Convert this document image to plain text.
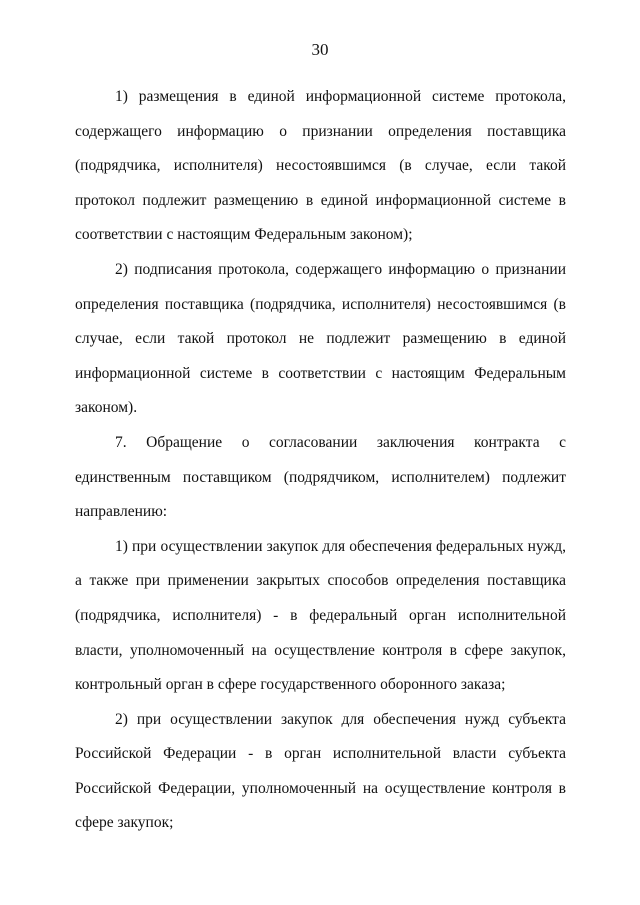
30

1) размещения в единой информационной системе протокола, содержащего информацию о признании определения поставщика (подрядчика, исполнителя) несостоявшимся (в случае, если такой протокол подлежит размещению в единой информационной системе в соответствии с настоящим Федеральным законом);

2) подписания протокола, содержащего информацию о признании определения поставщика (подрядчика, исполнителя) несостоявшимся (в случае, если такой протокол не подлежит размещению в единой информационной системе в соответствии с настоящим Федеральным законом).

7. Обращение о согласовании заключения контракта с единственным поставщиком (подрядчиком, исполнителем) подлежит направлению:

1) при осуществлении закупок для обеспечения федеральных нужд, а также при применении закрытых способов определения поставщика (подрядчика, исполнителя) - в федеральный орган исполнительной власти, уполномоченный на осуществление контроля в сфере закупок, контрольный орган в сфере государственного оборонного заказа;

2) при осуществлении закупок для обеспечения нужд субъекта Российской Федерации - в орган исполнительной власти субъекта Российской Федерации, уполномоченный на осуществление контроля в сфере закупок;
